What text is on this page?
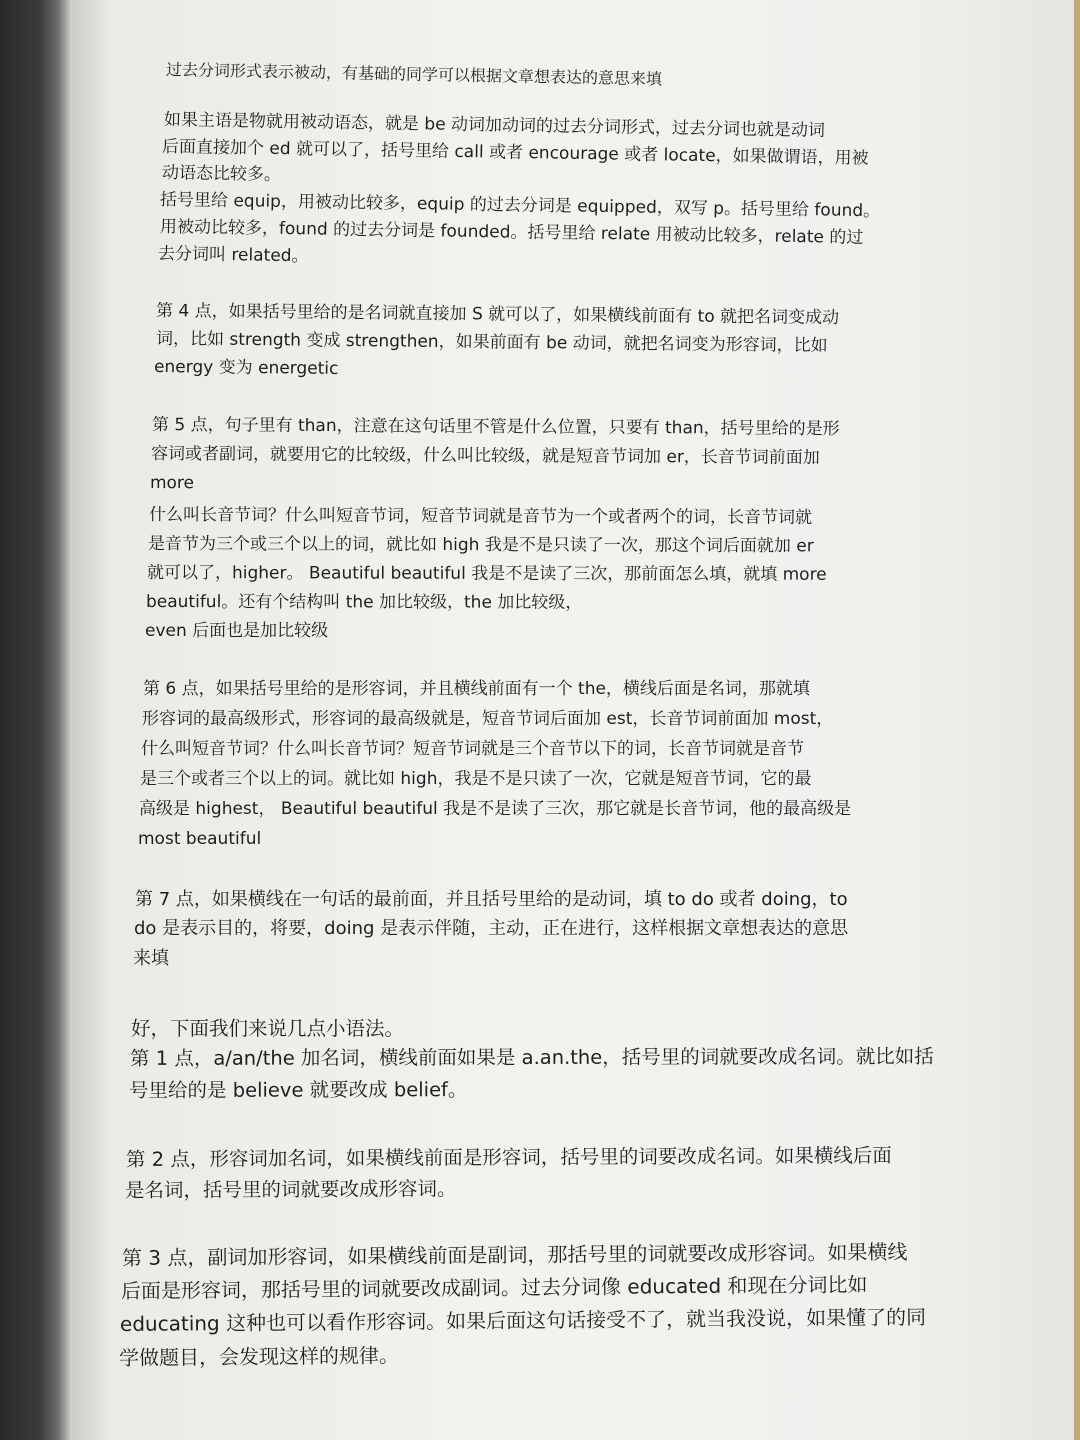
过去分词形式表示被动，有基础的同学可以根据文章想表达的意思来填
如果主语是物就用被动语态，就是 be 动词加动词的过去分词形式，过去分词也就是动词
后面直接加个 ed 就可以了，括号里给 call 或者 encourage 或者 locate，如果做谓语，用被
动语态比较多。
括号里给 equip，用被动比较多，equip 的过去分词是 equipped，双写 p。括号里给 found。
用被动比较多，found 的过去分词是 founded。括号里给 relate 用被动比较多，relate 的过
去分词叫 related。
第 4 点，如果括号里给的是名词就直接加 S 就可以了，如果横线前面有 to 就把名词变成动
词，比如 strength 变成 strengthen，如果前面有 be 动词，就把名词变为形容词，比如
energy 变为 energetic
第 5 点，句子里有 than，注意在这句话里不管是什么位置，只要有 than，括号里给的是形
容词或者副词，就要用它的比较级，什么叫比较级，就是短音节词加 er，长音节词前面加
more
什么叫长音节词？什么叫短音节词，短音节词就是音节为一个或者两个的词，长音节词就
是音节为三个或三个以上的词，就比如 high 我是不是只读了一次，那这个词后面就加 er
就可以了，higher。 Beautiful beautiful 我是不是读了三次，那前面怎么填，就填 more
beautiful。还有个结构叫 the 加比较级，the 加比较级，
even 后面也是加比较级
第 6 点，如果括号里给的是形容词，并且横线前面有一个 the，横线后面是名词，那就填
形容词的最高级形式，形容词的最高级就是，短音节词后面加 est，长音节词前面加 most，
什么叫短音节词？什么叫长音节词？短音节词就是三个音节以下的词，长音节词就是音节
是三个或者三个以上的词。就比如 high，我是不是只读了一次，它就是短音节词，它的最
高级是 highest， Beautiful beautiful 我是不是读了三次，那它就是长音节词，他的最高级是
most beautiful
第 7 点，如果横线在一句话的最前面，并且括号里给的是动词，填 to do 或者 doing，to
do 是表示目的，将要，doing 是表示伴随，主动，正在进行，这样根据文章想表达的意思
来填
好，下面我们来说几点小语法。
第 1 点，a/an/the 加名词，横线前面如果是 a.an.the，括号里的词就要改成名词。就比如括
号里给的是 believe 就要改成 belief。
第 2 点，形容词加名词，如果横线前面是形容词，括号里的词要改成名词。如果横线后面
是名词，括号里的词就要改成形容词。
第 3 点，副词加形容词，如果横线前面是副词，那括号里的词就要改成形容词。如果横线
后面是形容词，那括号里的词就要改成副词。过去分词像 educated 和现在分词比如
educating 这种也可以看作形容词。如果后面这句话接受不了，就当我没说，如果懂了的同
学做题目，会发现这样的规律。
